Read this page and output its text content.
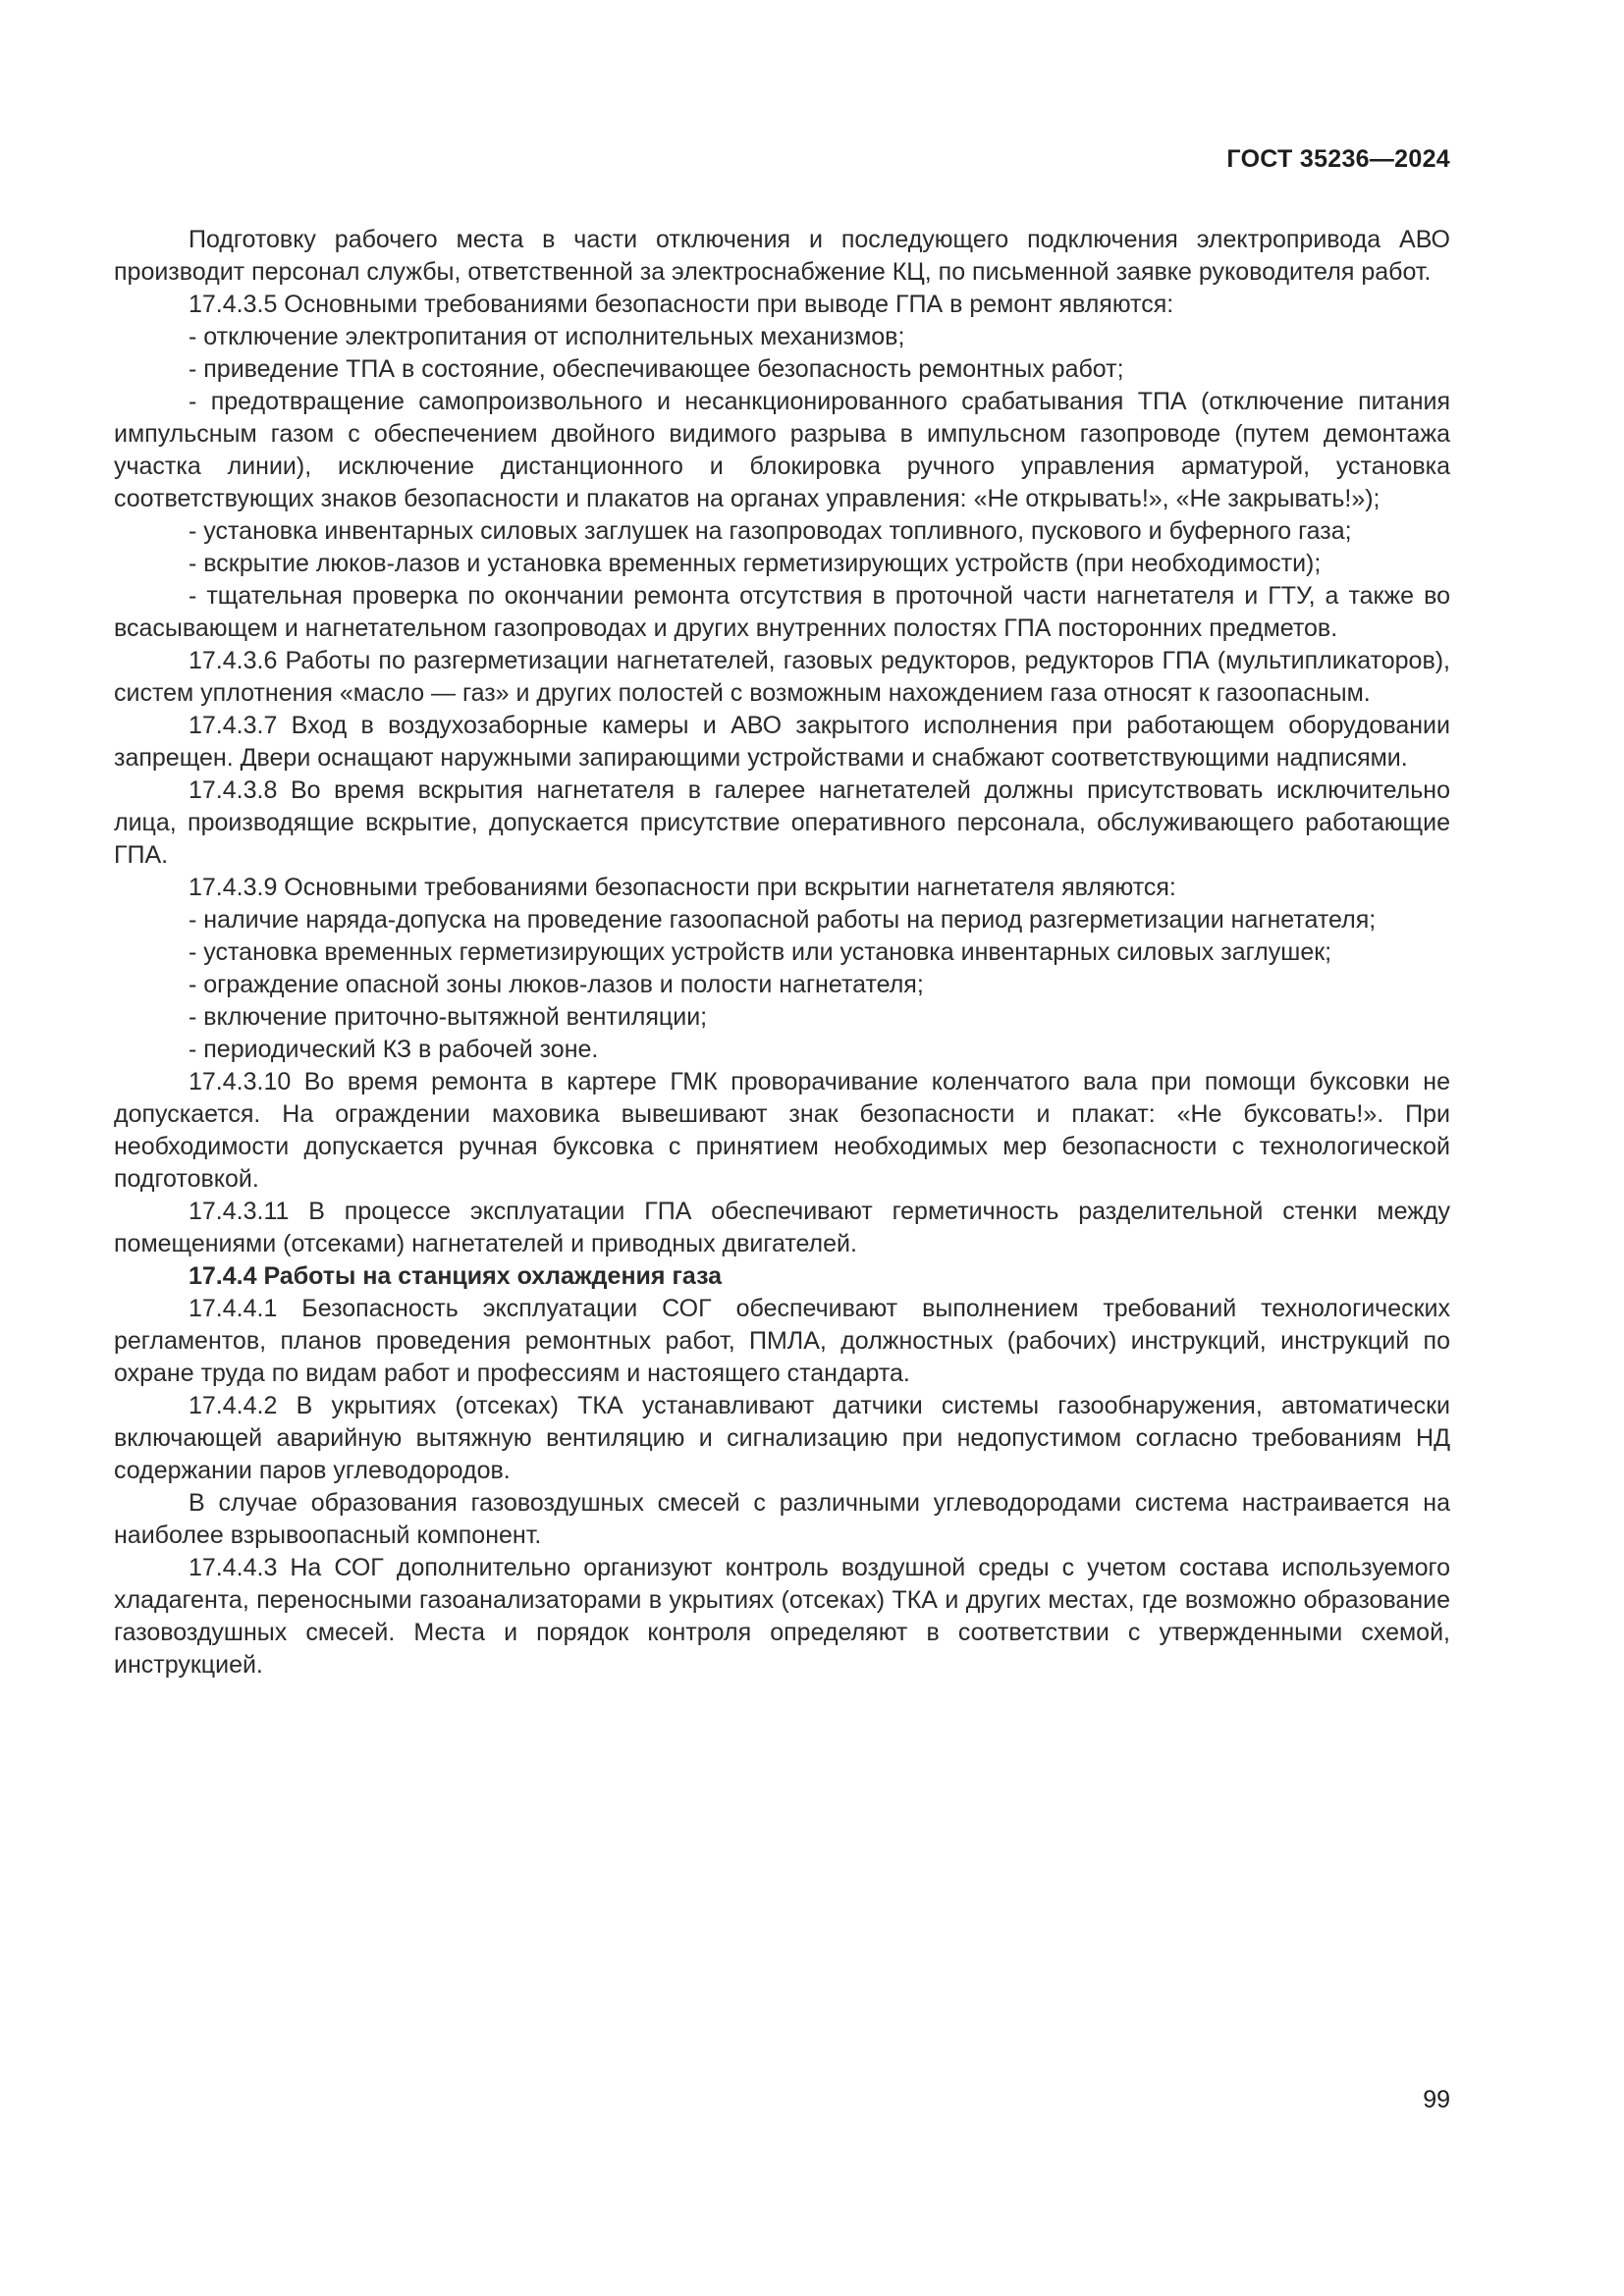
ГОСТ 35236—2024

Подготовку рабочего места в части отключения и последующего подключения электропривода АВО производит персонал службы, ответственной за электроснабжение КЦ, по письменной заявке руководителя работ.

17.4.3.5 Основными требованиями безопасности при выводе ГПА в ремонт являются:

- отключение электропитания от исполнительных механизмов;

- приведение ТПА в состояние, обеспечивающее безопасность ремонтных работ;

- предотвращение самопроизвольного и несанкционированного срабатывания ТПА (отключение питания импульсным газом с обеспечением двойного видимого разрыва в импульсном газопроводе (путем демонтажа участка линии), исключение дистанционного и блокировка ручного управления арматурой, установка соответствующих знаков безопасности и плакатов на органах управления: «Не открывать!», «Не закрывать!»);

- установка инвентарных силовых заглушек на газопроводах топливного, пускового и буферного газа;

- вскрытие люков-лазов и установка временных герметизирующих устройств (при необходимости);

- тщательная проверка по окончании ремонта отсутствия в проточной части нагнетателя и ГТУ, а также во всасывающем и нагнетательном газопроводах и других внутренних полостях ГПА посторонних предметов.

17.4.3.6 Работы по разгерметизации нагнетателей, газовых редукторов, редукторов ГПА (мультипликаторов), систем уплотнения «масло — газ» и других полостей с возможным нахождением газа относят к газоопасным.

17.4.3.7 Вход в воздухозаборные камеры и АВО закрытого исполнения при работающем оборудовании запрещен. Двери оснащают наружными запирающими устройствами и снабжают соответствующими надписями.

17.4.3.8 Во время вскрытия нагнетателя в галерее нагнетателей должны присутствовать исключительно лица, производящие вскрытие, допускается присутствие оперативного персонала, обслуживающего работающие ГПА.

17.4.3.9 Основными требованиями безопасности при вскрытии нагнетателя являются:

- наличие наряда-допуска на проведение газоопасной работы на период разгерметизации нагнетателя;

- установка временных герметизирующих устройств или установка инвентарных силовых заглушек;

- ограждение опасной зоны люков-лазов и полости нагнетателя;

- включение приточно-вытяжной вентиляции;

- периодический КЗ в рабочей зоне.

17.4.3.10 Во время ремонта в картере ГМК проворачивание коленчатого вала при помощи буксовки не допускается. На ограждении маховика вывешивают знак безопасности и плакат: «Не буксовать!». При необходимости допускается ручная буксовка с принятием необходимых мер безопасности с технологической подготовкой.

17.4.3.11 В процессе эксплуатации ГПА обеспечивают герметичность разделительной стенки между помещениями (отсеками) нагнетателей и приводных двигателей.

17.4.4 Работы на станциях охлаждения газа

17.4.4.1 Безопасность эксплуатации СОГ обеспечивают выполнением требований технологических регламентов, планов проведения ремонтных работ, ПМЛА, должностных (рабочих) инструкций, инструкций по охране труда по видам работ и профессиям и настоящего стандарта.

17.4.4.2 В укрытиях (отсеках) ТКА устанавливают датчики системы газообнаружения, автоматически включающей аварийную вытяжную вентиляцию и сигнализацию при недопустимом согласно требованиям НД содержании паров углеводородов.

В случае образования газовоздушных смесей с различными углеводородами система настраивается на наиболее взрывоопасный компонент.

17.4.4.3 На СОГ дополнительно организуют контроль воздушной среды с учетом состава используемого хладагента, переносными газоанализаторами в укрытиях (отсеках) ТКА и других местах, где возможно образование газовоздушных смесей. Места и порядок контроля определяют в соответствии с утвержденными схемой, инструкцией.

99
